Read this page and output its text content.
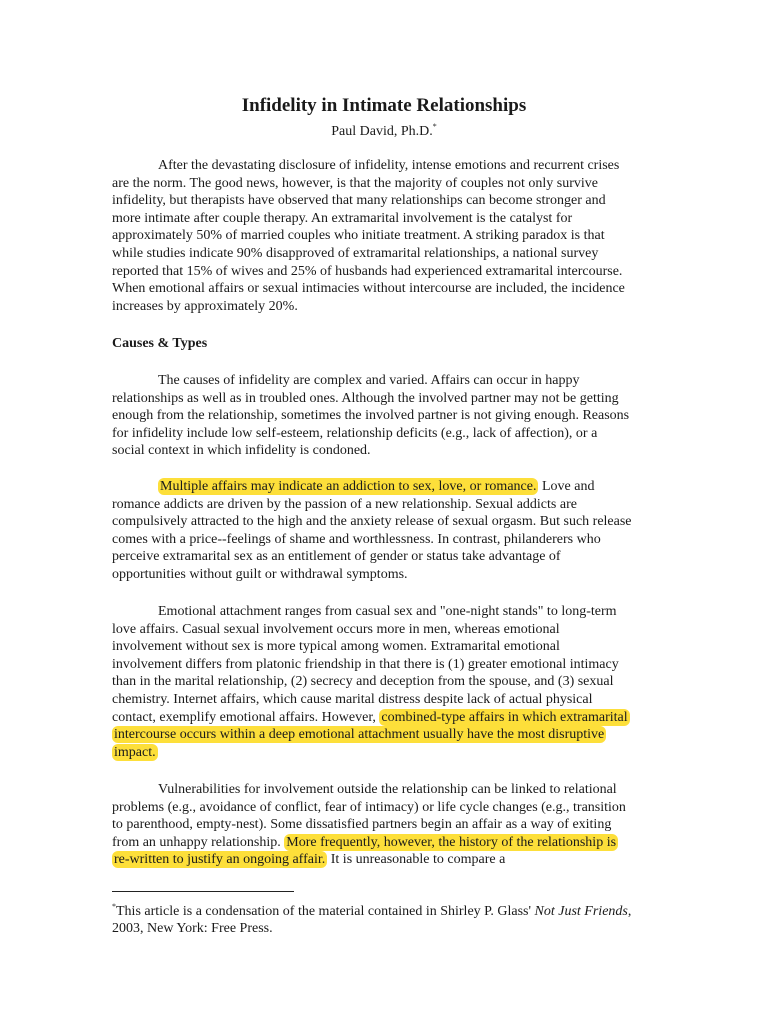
Infidelity in Intimate Relationships
Paul David, Ph.D.*

After the devastating disclosure of infidelity, intense emotions and recurrent crises are the norm. The good news, however, is that the majority of couples not only survive infidelity, but therapists have observed that many relationships can become stronger and more intimate after couple therapy. An extramarital involvement is the catalyst for approximately 50% of married couples who initiate treatment. A striking paradox is that while studies indicate 90% disapproved of extramarital relationships, a national survey reported that 15% of wives and 25% of husbands had experienced extramarital intercourse. When emotional affairs or sexual intimacies without intercourse are included, the incidence increases by approximately 20%.

Causes & Types

The causes of infidelity are complex and varied. Affairs can occur in happy relationships as well as in troubled ones. Although the involved partner may not be getting enough from the relationship, sometimes the involved partner is not giving enough. Reasons for infidelity include low self-esteem, relationship deficits (e.g., lack of affection), or a social context in which infidelity is condoned.

Multiple affairs may indicate an addiction to sex, love, or romance. Love and romance addicts are driven by the passion of a new relationship. Sexual addicts are compulsively attracted to the high and the anxiety release of sexual orgasm. But such release comes with a price--feelings of shame and worthlessness. In contrast, philanderers who perceive extramarital sex as an entitlement of gender or status take advantage of opportunities without guilt or withdrawal symptoms.

Emotional attachment ranges from casual sex and "one-night stands" to long-term love affairs. Casual sexual involvement occurs more in men, whereas emotional involvement without sex is more typical among women. Extramarital emotional involvement differs from platonic friendship in that there is (1) greater emotional intimacy than in the marital relationship, (2) secrecy and deception from the spouse, and (3) sexual chemistry. Internet affairs, which cause marital distress despite lack of actual physical contact, exemplify emotional affairs. However, combined-type affairs in which extramarital intercourse occurs within a deep emotional attachment usually have the most disruptive impact.

Vulnerabilities for involvement outside the relationship can be linked to relational problems (e.g., avoidance of conflict, fear of intimacy) or life cycle changes (e.g., transition to parenthood, empty-nest). Some dissatisfied partners begin an affair as a way of exiting from an unhappy relationship. More frequently, however, the history of the relationship is re-written to justify an ongoing affair. It is unreasonable to compare a

*This article is a condensation of the material contained in Shirley P. Glass' Not Just Friends, 2003, New York: Free Press.
